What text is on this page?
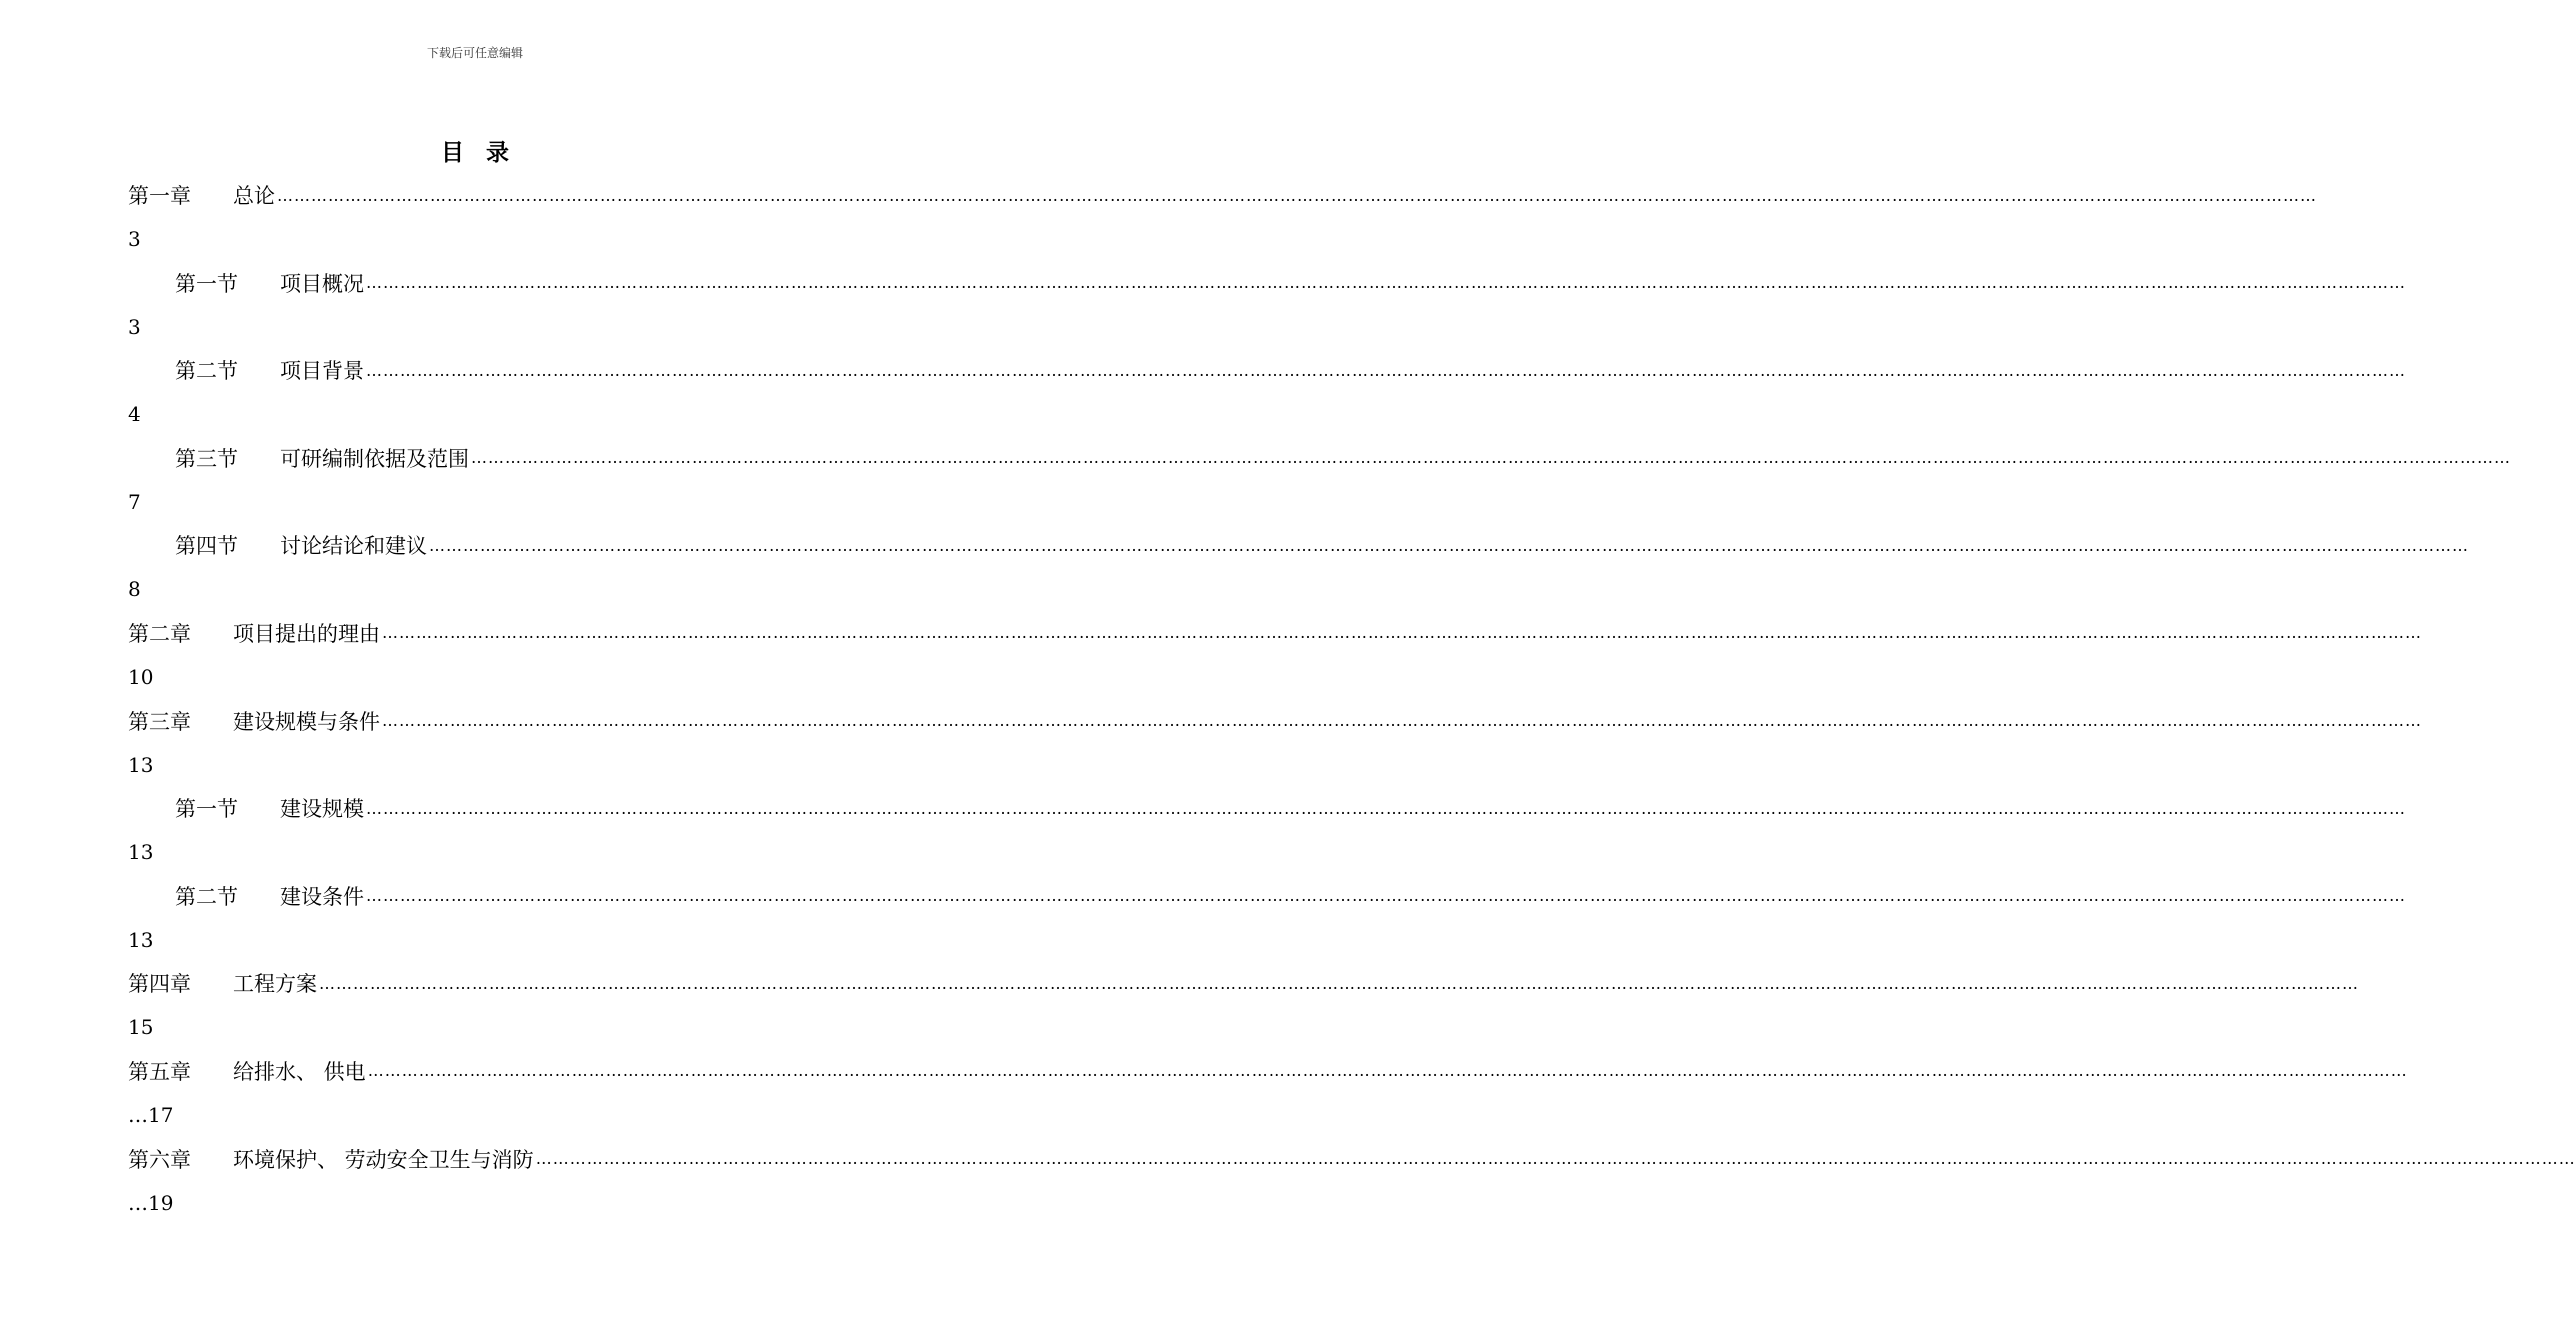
下载后可任意编辑
目录
第一章	总论 ………………………………………………………………………………………………………………………………………………………………………………………………………………………………………………………………………………………………………………………………
3
第一节	项目概况 ………………………………………………………………………………………………………………………………………………………………………………………………………………………………………………………………………………………………………………………………
3
第二节	项目背景 ………………………………………………………………………………………………………………………………………………………………………………………………………………………………………………………………………………………………………………………………
4
第三节	可研编制依据及范围 ………………………………………………………………………………………………………………………………………………………………………………………………………………………………………………………………………………………………………………………………
7
第四节	讨论结论和建议 ………………………………………………………………………………………………………………………………………………………………………………………………………………………………………………………………………………………………………………………………
8
第二章	项目提出的理由 ………………………………………………………………………………………………………………………………………………………………………………………………………………………………………………………………………………………………………………………………
10
第三章	建设规模与条件 ………………………………………………………………………………………………………………………………………………………………………………………………………………………………………………………………………………………………………………………………
13
第一节	建设规模 ………………………………………………………………………………………………………………………………………………………………………………………………………………………………………………………………………………………………………………………………
13
第二节	建设条件 ………………………………………………………………………………………………………………………………………………………………………………………………………………………………………………………………………………………………………………………………
13
第四章	工程方案 ………………………………………………………………………………………………………………………………………………………………………………………………………………………………………………………………………………………………………………………………
15
第五章	给排水、 供电 ………………………………………………………………………………………………………………………………………………………………………………………………………………………………………………………………………………………………………………………………
…17
第六章	环境保护、 劳动安全卫生与消防 ………………………………………………………………………………………………………………………………………………………………………………………………………………………………………………………………………………………………………………………………
…19
